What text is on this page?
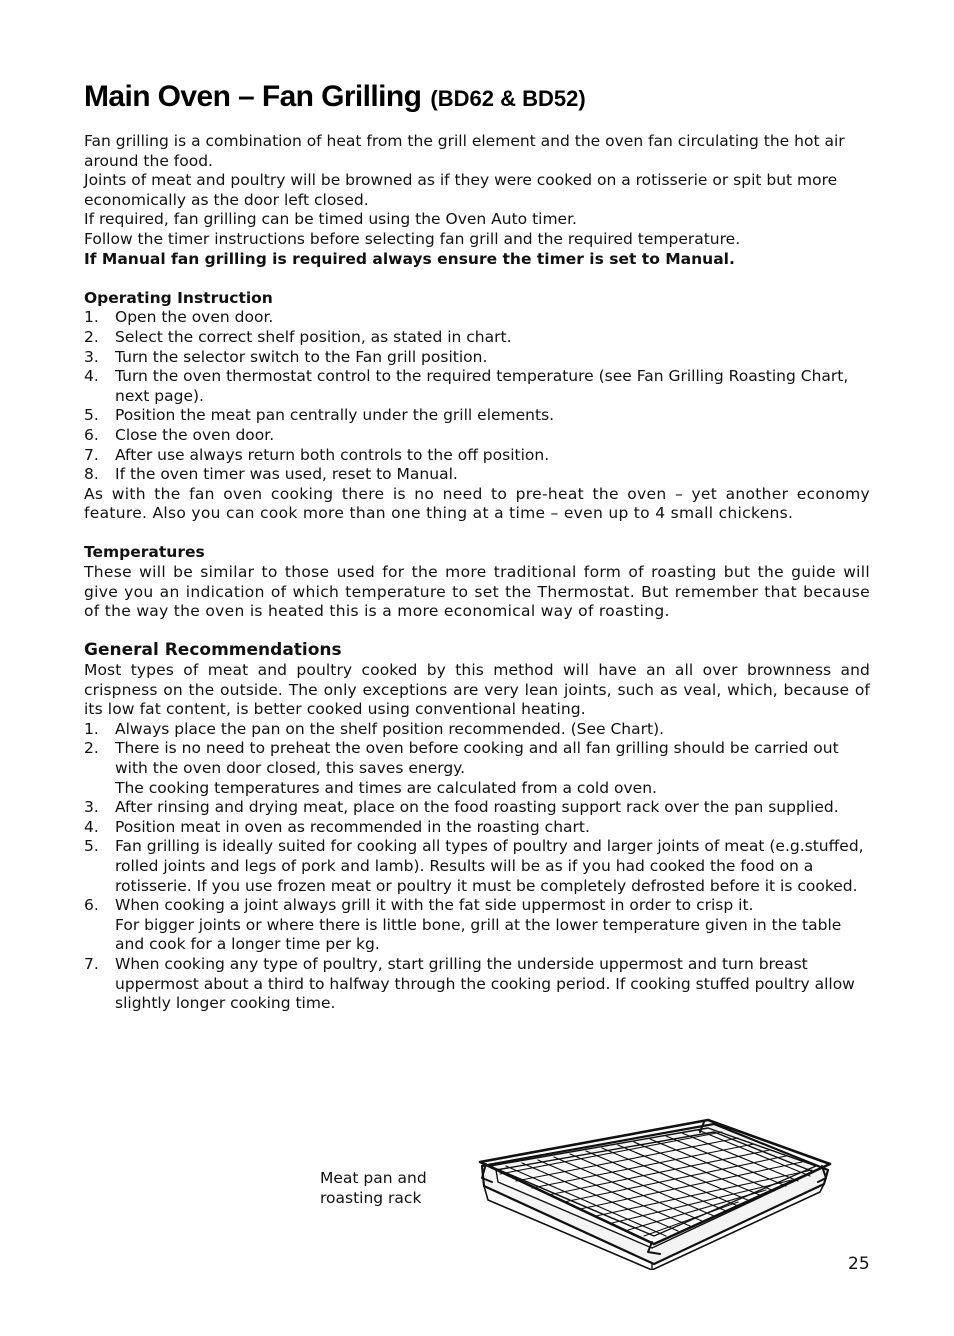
Main Oven – Fan Grilling (BD62 & BD52)

Fan grilling is a combination of heat from the grill element and the oven fan circulating the hot air around the food.

Joints of meat and poultry will be browned as if they were cooked on a rotisserie or spit but more economically as the door left closed.

If required, fan grilling can be timed using the Oven Auto timer.

Follow the timer instructions before selecting fan grill and the required temperature.

If Manual fan grilling is required always ensure the timer is set to Manual.

Operating Instruction
1.	Open the oven door.
2.	Select the correct shelf position, as stated in chart.
3.	Turn the selector switch to the Fan grill position.
4.	Turn the oven thermostat control to the required temperature (see Fan Grilling Roasting Chart, next page).
5.	Position the meat pan centrally under the grill elements.
6.	Close the oven door.
7.	After use always return both controls to the off position.
8.	If the oven timer was used, reset to Manual.

As with the fan oven cooking there is no need to pre-heat the oven – yet another economy feature. Also you can cook more than one thing at a time – even up to 4 small chickens.

Temperatures

These will be similar to those used for the more traditional form of roasting but the guide will give you an indication of which temperature to set the Thermostat. But remember that because of the way the oven is heated this is a more economical way of roasting.

General Recommendations

Most types of meat and poultry cooked by this method will have an all over brownness and crispness on the outside. The only exceptions are very lean joints, such as veal, which, because of its low fat content, is better cooked using conventional heating.

1.	Always place the pan on the shelf position recommended. (See Chart).
2.	There is no need to preheat the oven before cooking and all fan grilling should be carried out with the oven door closed, this saves energy.
The cooking temperatures and times are calculated from a cold oven.
3.	After rinsing and drying meat, place on the food roasting support rack over the pan supplied.
4.	Position meat in oven as recommended in the roasting chart.
5.	Fan grilling is ideally suited for cooking all types of poultry and larger joints of meat (e.g.stuffed, rolled joints and legs of pork and lamb). Results will be as if you had cooked the food on a rotisserie. If you use frozen meat or poultry it must be completely defrosted before it is cooked.
6.	When cooking a joint always grill it with the fat side uppermost in order to crisp it.
For bigger joints or where there is little bone, grill at the lower temperature given in the table and cook for a longer time per kg.
7.	When cooking any type of poultry, start grilling the underside uppermost and turn breast uppermost about a third to halfway through the cooking period. If cooking stuffed poultry allow slightly longer cooking time.
Meat pan and
roasting rack
25
